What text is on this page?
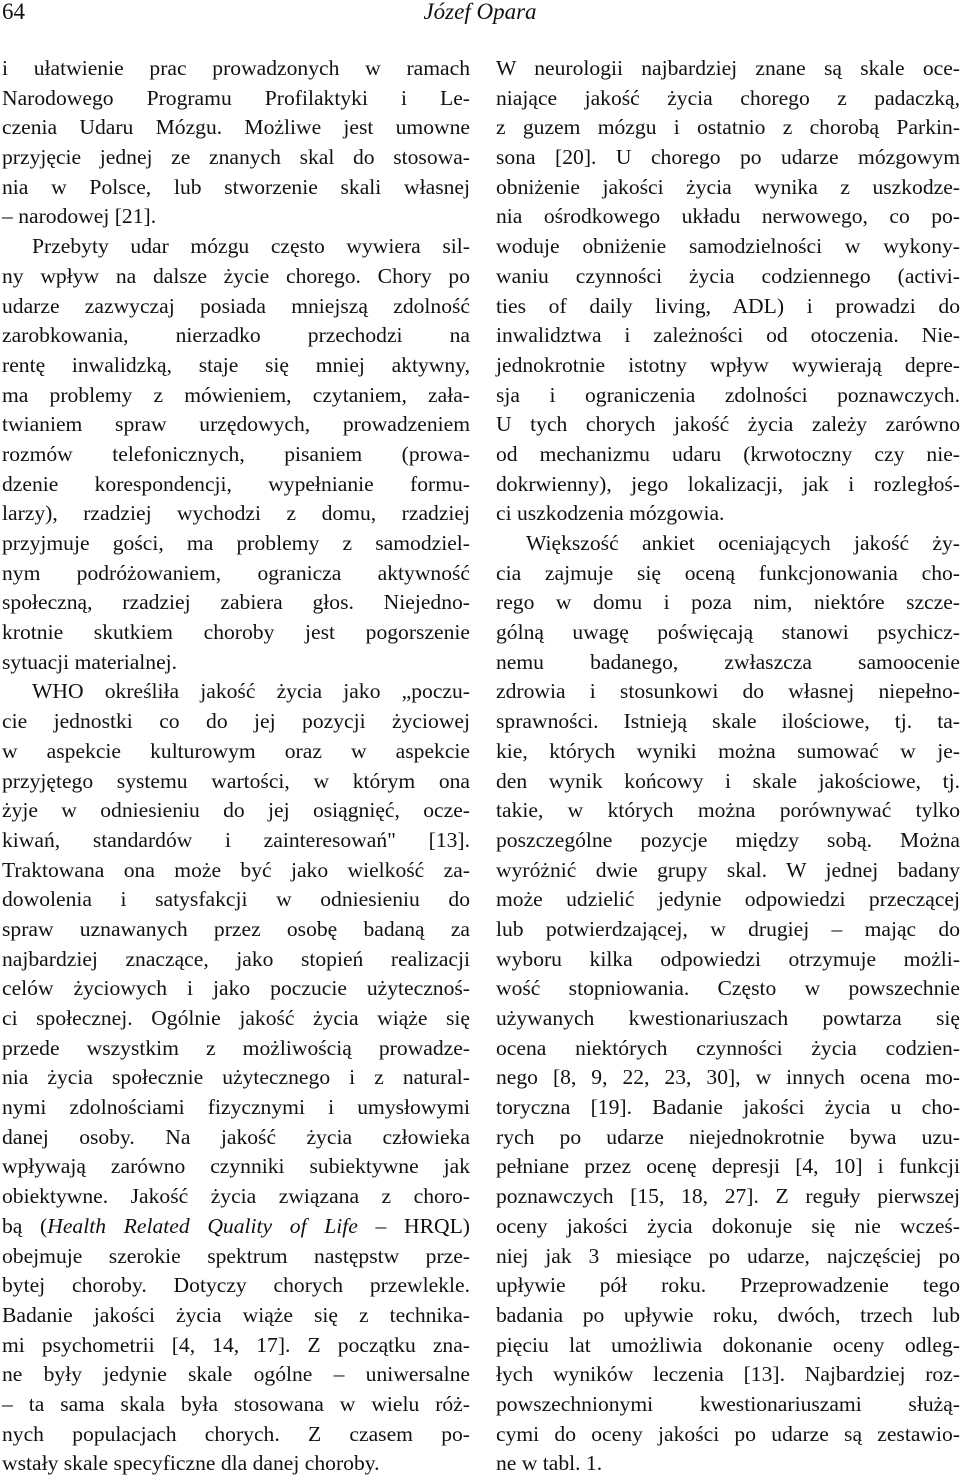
64	Józef Opara

i ułatwienie prac prowadzonych w ramach
Narodowego Programu Profilaktyki i Le-
czenia Udaru Mózgu. Możliwe jest umowne
przyjęcie jednej ze znanych skal do stosowa-
nia w Polsce, lub stworzenie skali własnej
– narodowej [21].

Przebyty udar mózgu często wywiera sil-
ny wpływ na dalsze życie chorego. Chory po
udarze zazwyczaj posiada mniejszą zdolność
zarobkowania, nierzadko przechodzi na
rentę inwalidzką, staje się mniej aktywny,
ma problemy z mówieniem, czytaniem, zała-
twianiem spraw urzędowych, prowadzeniem
rozmów telefonicznych, pisaniem (prowa-
dzenie korespondencji, wypełnianie formu-
larzy), rzadziej wychodzi z domu, rzadziej
przyjmuje gości, ma problemy z samodziel-
nym podróżowaniem, ogranicza aktywność
społeczną, rzadziej zabiera głos. Niejedno-
krotnie skutkiem choroby jest pogorszenie
sytuacji materialnej.

WHO określiła jakość życia jako „poczu-
cie jednostki co do jej pozycji życiowej
w aspekcie kulturowym oraz w aspekcie
przyjętego systemu wartości, w którym ona
żyje w odniesieniu do jej osiągnięć, ocze-
kiwań, standardów i zainteresowań" [13].
Traktowana ona może być jako wielkość za-
dowolenia i satysfakcji w odniesieniu do
spraw uznawanych przez osobę badaną za
najbardziej znaczące, jako stopień realizacji
celów życiowych i jako poczucie użytecznoś-
ci społecznej. Ogólnie jakość życia wiąże się
przede wszystkim z możliwością prowadze-
nia życia społecznie użytecznego i z natural-
nymi zdolnościami fizycznymi i umysłowymi
danej osoby. Na jakość życia człowieka
wpływają zarówno czynniki subiektywne jak
obiektywne. Jakość życia związana z choro-
bą (Health Related Quality of Life – HRQL)
obejmuje szerokie spektrum następstw prze-
bytej choroby. Dotyczy chorych przewlekle.
Badanie jakości życia wiąże się z technika-
mi psychometrii [4, 14, 17]. Z początku zna-
ne były jedynie skale ogólne – uniwersalne
– ta sama skala była stosowana w wielu róż-
nych populacjach chorych. Z czasem po-
wstały skale specyficzne dla danej choroby.

W neurologii najbardziej znane są skale oce-
niające jakość życia chorego z padaczką,
z guzem mózgu i ostatnio z chorobą Parkin-
sona [20]. U chorego po udarze mózgowym
obniżenie jakości życia wynika z uszkodze-
nia ośrodkowego układu nerwowego, co po-
woduje obniżenie samodzielności w wykony-
waniu czynności życia codziennego (activi-
ties of daily living, ADL) i prowadzi do
inwalidztwa i zależności od otoczenia. Nie-
jednokrotnie istotny wpływ wywierają depre-
sja i ograniczenia zdolności poznawczych.
U tych chorych jakość życia zależy zarówno
od mechanizmu udaru (krwotoczny czy nie-
dokrwienny), jego lokalizacji, jak i rozległoś-
ci uszkodzenia mózgowia.

Większość ankiet oceniających jakość ży-
cia zajmuje się oceną funkcjonowania cho-
rego w domu i poza nim, niektóre szcze-
gólną uwagę poświęcają stanowi psychicz-
nemu badanego, zwłaszcza samoocenie
zdrowia i stosunkowi do własnej niepełno-
sprawności. Istnieją skale ilościowe, tj. ta-
kie, których wyniki można sumować w je-
den wynik końcowy i skale jakościowe, tj.
takie, w których można porównywać tylko
poszczególne pozycje między sobą. Można
wyróżnić dwie grupy skal. W jednej badany
może udzielić jedynie odpowiedzi przeczącej
lub potwierdzającej, w drugiej – mając do
wyboru kilka odpowiedzi otrzymuje możli-
wość stopniowania. Często w powszechnie
używanych kwestionariuszach powtarza się
ocena niektórych czynności życia codzien-
nego [8, 9, 22, 23, 30], w innych ocena mo-
toryczna [19]. Badanie jakości życia u cho-
rych po udarze niejednokrotnie bywa uzu-
pełniane przez ocenę depresji [4, 10] i funkcji
poznawczych [15, 18, 27]. Z reguły pierwszej
oceny jakości życia dokonuje się nie wcześ-
niej jak 3 miesiące po udarze, najczęściej po
upływie pół roku. Przeprowadzenie tego
badania po upływie roku, dwóch, trzech lub
pięciu lat umożliwia dokonanie oceny odleg-
łych wyników leczenia [13]. Najbardziej roz-
powszechnionymi kwestionariuszami służą-
cymi do oceny jakości po udarze są zestawio-
ne w tabl. 1.
